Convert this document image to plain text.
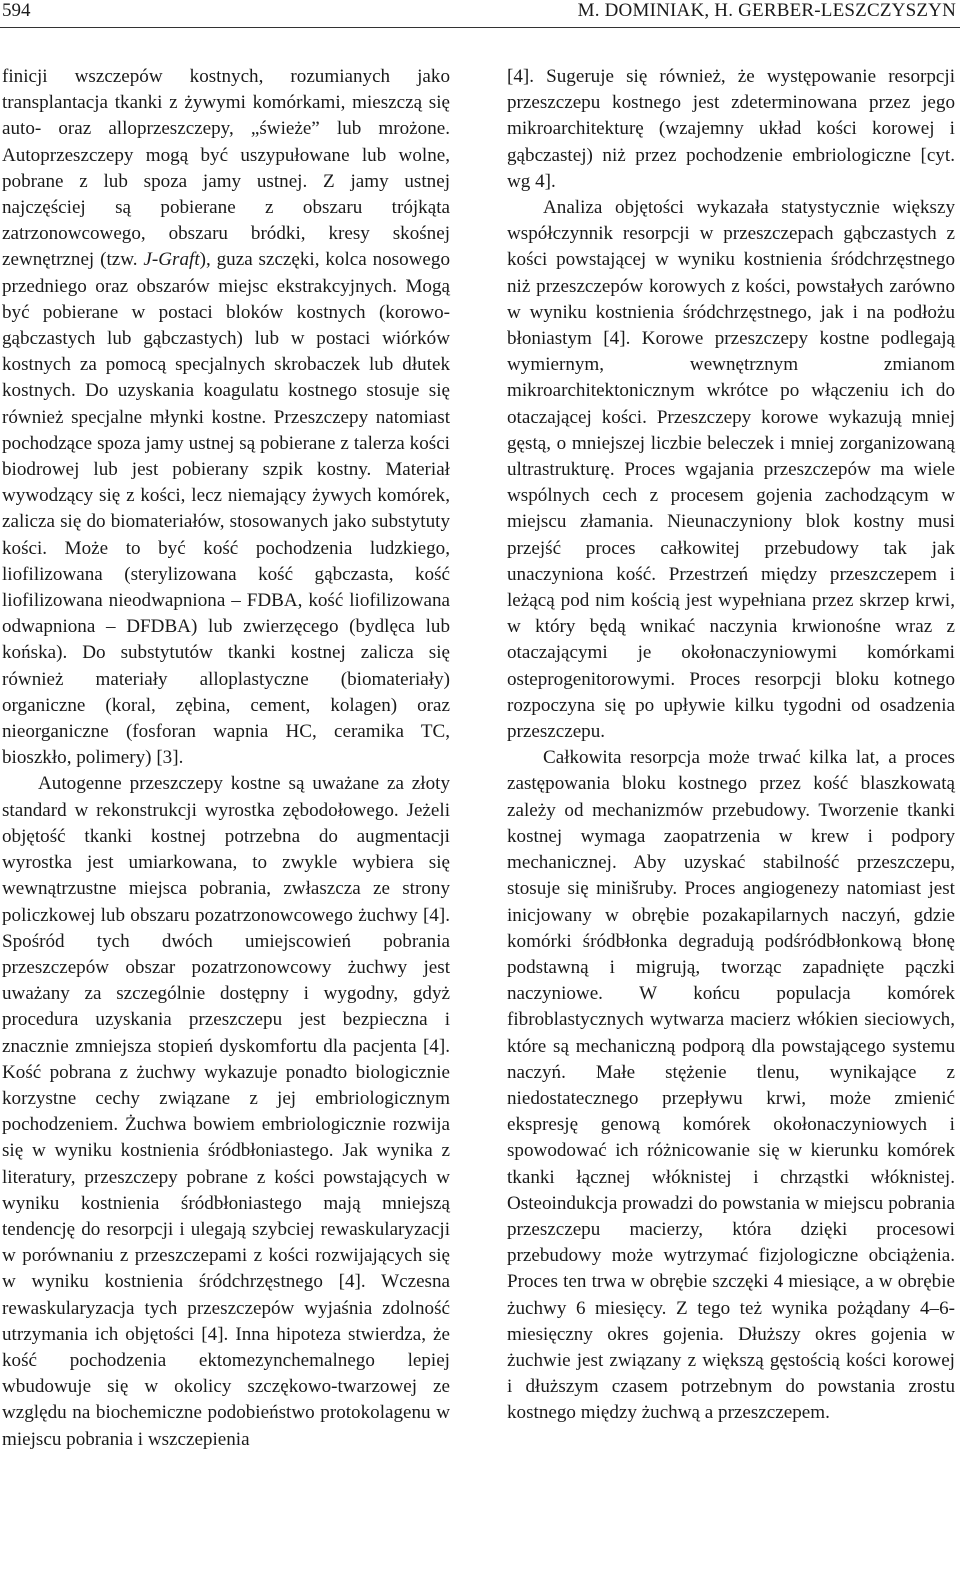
594	M. DOMINIAK, H. GERBER-LESZCZYSZYN

finicji wszczepów kostnych, rozumianych jako transplantacja tkanki z żywymi komórkami, mieszczą się auto- oraz alloprzeszczepy, „świeże” lub mrożone. Autoprzeszczepy mogą być uszypułowane lub wolne, pobrane z lub spoza jamy ustnej. Z jamy ustnej najczęściej są pobierane z obszaru trójkąta zatrzonowcowego, obszaru bródki, kresy skośnej zewnętrznej (tzw. J-Graft), guza szczęki, kolca nosowego przedniego oraz obszarów miejsc ekstrakcyjnych. Mogą być pobierane w postaci bloków kostnych (korowo-gąbczastych lub gąbczastych) lub w postaci wiórków kostnych za pomocą specjalnych skrobaczek lub dłutek kostnych. Do uzyskania koagulatu kostnego stosuje się również specjalne młynki kostne. Przeszczepy natomiast pochodzące spoza jamy ustnej są pobierane z talerza kości biodrowej lub jest pobierany szpik kostny. Materiał wywodzący się z kości, lecz niemający żywych komórek, zalicza się do biomateriałów, stosowanych jako substytuty kości. Może to być kość pochodzenia ludzkiego, liofilizowana (sterylizowana kość gąbczasta, kość liofilizowana nieodwapniona – FDBA, kość liofilizowana odwapniona – DFDBA) lub zwierzęcego (bydlęca lub końska). Do substytutów tkanki kostnej zalicza się również materiały alloplastyczne (biomateriały) organiczne (koral, zębina, cement, kolagen) oraz nieorganiczne (fosforan wapnia HC, ceramika TC, bioszkło, polimery) [3].

Autogenne przeszczepy kostne są uważane za złoty standard w rekonstrukcji wyrostka zębodołowego. Jeżeli objętość tkanki kostnej potrzebna do augmentacji wyrostka jest umiarkowana, to zwykle wybiera się wewnątrzustne miejsca pobrania, zwłaszcza ze strony policzkowej lub obszaru pozatrzonowcowego żuchwy [4]. Spośród tych dwóch umiejscowień pobrania przeszczepów obszar pozatrzonowcowy żuchwy jest uważany za szczególnie dostępny i wygodny, gdyż procedura uzyskania przeszczepu jest bezpieczna i znacznie zmniejsza stopień dyskomfortu dla pacjenta [4]. Kość pobrana z żuchwy wykazuje ponadto biologicznie korzystne cechy związane z jej embriologicznym pochodzeniem. Żuchwa bowiem embriologicznie rozwija się w wyniku kostnienia śródbłoniastego. Jak wynika z literatury, przeszczepy pobrane z kości powstających w wyniku kostnienia śródbłoniastego mają mniejszą tendencję do resorpcji i ulegają szybciej rewaskularyzacji w porównaniu z przeszczepami z kości rozwijających się w wyniku kostnienia śródchrzęstnego [4]. Wczesna rewaskularyzacja tych przeszczepów wyjaśnia zdolność utrzymania ich objętości [4]. Inna hipoteza stwierdza, że kość pochodzenia ektomezynchemalnego lepiej wbudowuje się w okolicy szczękowo-twarzowej ze względu na biochemiczne podobieństwo protokolagenu w miejscu pobrania i wszczepienia

[4]. Sugeruje się również, że występowanie resorpcji przeszczepu kostnego jest zdeterminowana przez jego mikroarchitekturę (wzajemny układ kości korowej i gąbczastej) niż przez pochodzenie embriologiczne [cyt. wg 4].

Analiza objętości wykazała statystycznie większy współczynnik resorpcji w przeszczepach gąbczastych z kości powstającej w wyniku kostnienia śródchrzęstnego niż przeszczepów korowych z kości, powstałych zarówno w wyniku kostnienia śródchrzęstnego, jak i na podłożu błoniastym [4]. Korowe przeszczepy kostne podlegają wymiernym, wewnętrznym zmianom mikroarchitektonicznym wkrótce po włączeniu ich do otaczającej kości. Przeszczepy korowe wykazują mniej gęstą, o mniejszej liczbie beleczek i mniej zorganizowaną ultrastrukturę. Proces wgajania przeszczepów ma wiele wspólnych cech z procesem gojenia zachodzącym w miejscu złamania. Nieunaczyniony blok kostny musi przejść proces całkowitej przebudowy tak jak unaczyniona kość. Przestrzeń między przeszczepem i leżącą pod nim kością jest wypełniana przez skrzep krwi, w który będą wnikać naczynia krwionośne wraz z otaczającymi je okołonaczyniowymi komórkami osteprogenitorowymi. Proces resorpcji bloku kotnego rozpoczyna się po upływie kilku tygodni od osadzenia przeszczepu.

Całkowita resorpcja może trwać kilka lat, a proces zastępowania bloku kostnego przez kość blaszkowatą zależy od mechanizmów przebudowy. Tworzenie tkanki kostnej wymaga zaopatrzenia w krew i podpory mechanicznej. Aby uzyskać stabilność przeszczepu, stosuje się minišruby. Proces angiogenezy natomiast jest inicjowany w obrębie pozakapilarnych naczyń, gdzie komórki śródbłonka degradują podśródbłonkową błonę podstawną i migrują, tworząc zapadnięte pączki naczyniowe. W końcu populacja komórek fibroblastycznych wytwarza macierz włókien sieciowych, które są mechaniczną podporą dla powstającego systemu naczyń. Małe stężenie tlenu, wynikające z niedostatecznego przepływu krwi, może zmienić ekspresję genową komórek okołonaczyniowych i spowodować ich różnicowanie się w kierunku komórek tkanki łącznej włóknistej i chrząstki włóknistej. Osteoindukcja prowadzi do powstania w miejscu pobrania przeszczepu macierzy, która dzięki procesowi przebudowy może wytrzymać fizjologiczne obciążenia. Proces ten trwa w obrębie szczęki 4 miesiące, a w obrębie żuchwy 6 miesięcy. Z tego też wynika pożądany 4–6-miesięczny okres gojenia. Dłuższy okres gojenia w żuchwie jest związany z większą gęstością kości korowej i dłuższym czasem potrzebnym do powstania zrostu kostnego między żuchwą a przeszczepem.
